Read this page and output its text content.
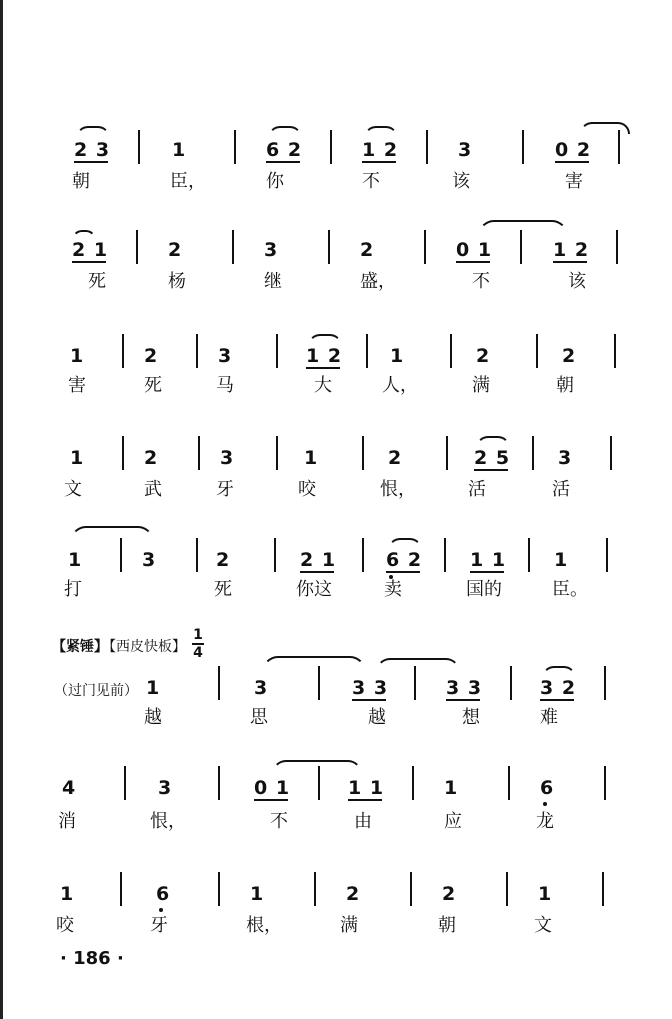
2 3	1	6 2	1 2	3	0 2
朝	臣，	你	不	该	害
2 1	2	3	2	0 1	1 2
死	杨	继	盛，	不	该
1	2	3	1 2	1	2	2
害	死	马	大	人，	满	朝
1	2	3	1	2	2 5	3
文	武	牙	咬	恨，	活	活
1	3	2	2 1	6 2	1 1	1
打	死	你这	卖	国的	臣。
【紧锤】
【西皮快板】
1
4
（过门见前） 1	3	3 3	3 3	3 2
越	思	越	想	难
4	3	0 1	1 1	1	6
消	恨，	不	由	应	龙
1	6	1	2	2	1
咬	牙	根，	满	朝	文
· 186 ·
